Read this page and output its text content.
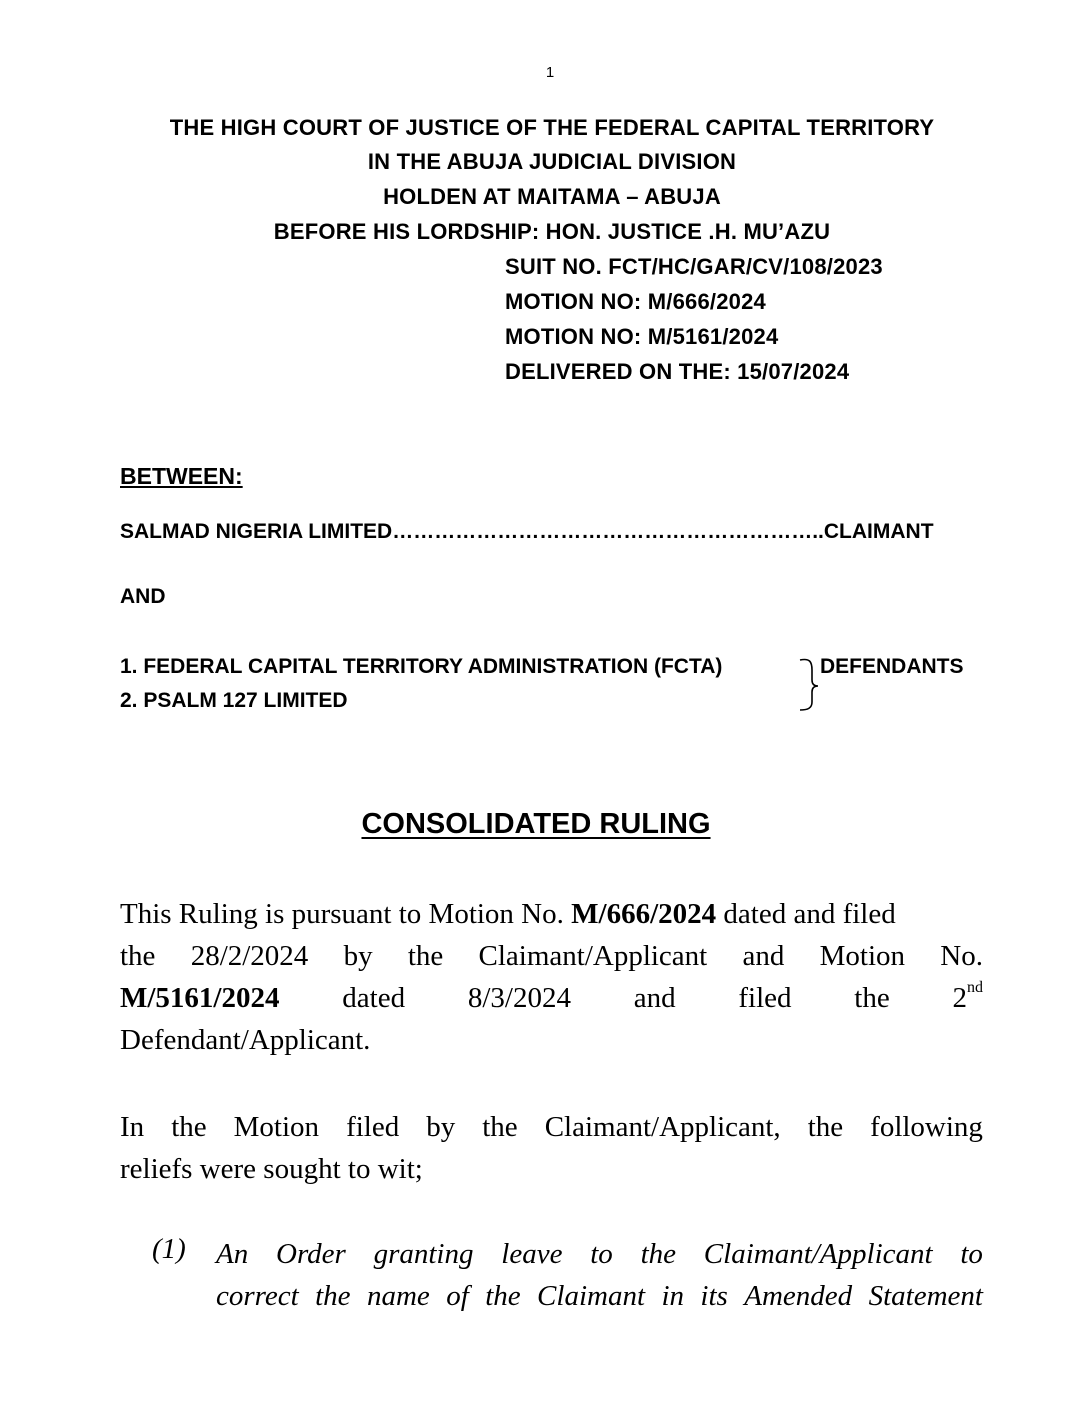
1
THE HIGH COURT OF JUSTICE OF THE FEDERAL CAPITAL TERRITORY
IN THE ABUJA JUDICIAL DIVISION
HOLDEN AT MAITAMA – ABUJA
BEFORE HIS LORDSHIP: HON. JUSTICE .H. MU’AZU
SUIT NO. FCT/HC/GAR/CV/108/2023
MOTION NO: M/666/2024
MOTION NO: M/5161/2024
DELIVERED ON THE: 15/07/2024
BETWEEN:
SALMAD NIGERIA LIMITED……………………………………………………..CLAIMANT
AND
1. FEDERAL CAPITAL TERRITORY ADMINISTRATION (FCTA)
2. PSALM 127 LIMITED
DEFENDANTS
CONSOLIDATED RULING
This Ruling is pursuant to Motion No. M/666/2024 dated and filed
the 28/2/2024 by the Claimant/Applicant and Motion No.
M/5161/2024 dated 8/3/2024 and filed the 2nd
Defendant/Applicant.
In the Motion filed by the Claimant/Applicant, the following
reliefs were sought to wit;
(1) An Order granting leave to the Claimant/Applicant to
correct the name of the Claimant in its Amended Statement
